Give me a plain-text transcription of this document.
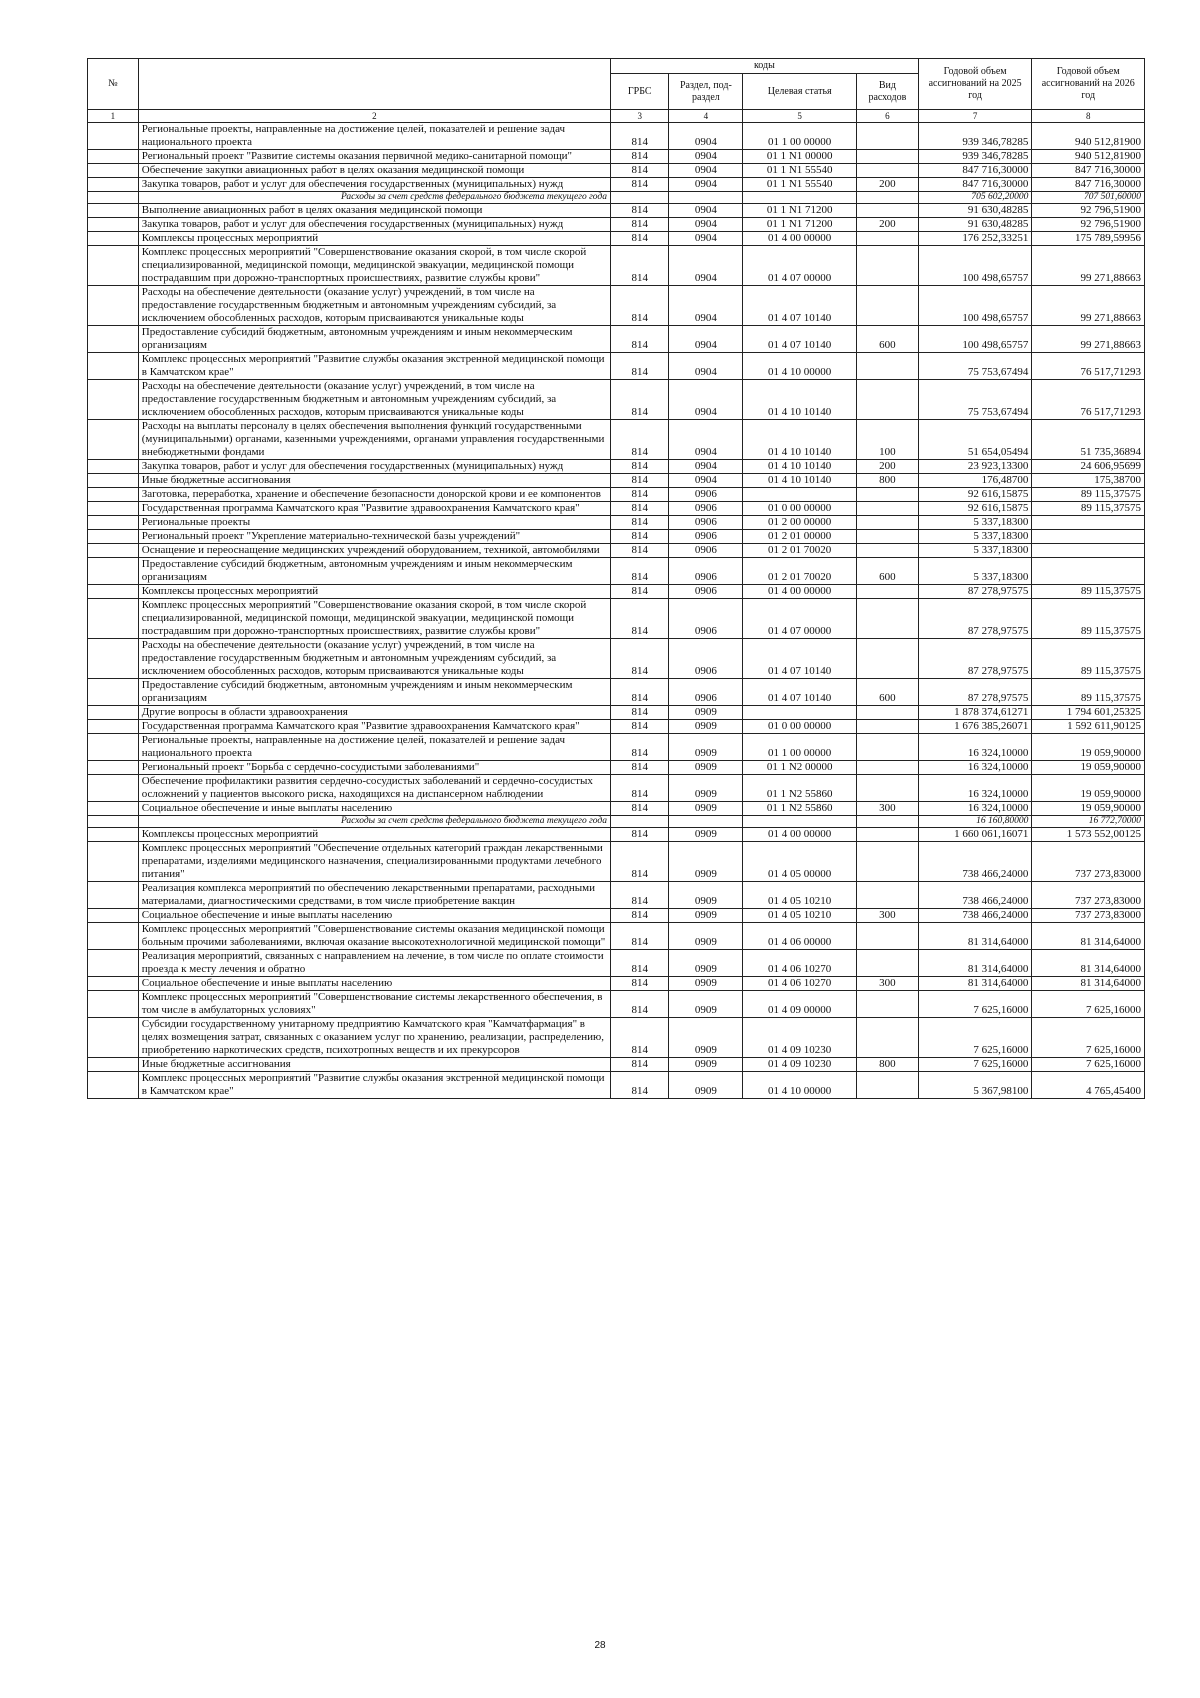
№		коды				Годовой объем ассигнований на 2025 год	Годовой объем ассигнований на 2026 год
		ГРБС	Раздел, под-раздел	Целевая статья	Вид расходов		
1	2	3	4	5	6	7	8
	Региональные проекты, направленные на достижение целей, показателей и решение задач национального проекта	814	0904	01 1 00 00000		939 346,78285	940 512,81900
	Региональный проект "Развитие системы оказания первичной медико-санитарной помощи"	814	0904	01 1 N1 00000		939 346,78285	940 512,81900
	Обеспечение закупки авиационных работ в целях оказания медицинской помощи	814	0904	01 1 N1 55540		847 716,30000	847 716,30000
	Закупка товаров, работ и услуг для обеспечения государственных (муниципальных) нужд	814	0904	01 1 N1 55540	200	847 716,30000	847 716,30000
	Расходы за счет средств федерального бюджета текущего года					705 602,20000	707 501,60000
	Выполнение авиационных работ в целях оказания медицинской помощи	814	0904	01 1 N1 71200		91 630,48285	92 796,51900
	Закупка товаров, работ и услуг для обеспечения государственных (муниципальных) нужд	814	0904	01 1 N1 71200	200	91 630,48285	92 796,51900
	Комплексы процессных мероприятий	814	0904	01 4 00 00000		176 252,33251	175 789,59956
	Комплекс процессных мероприятий "Совершенствование оказания скорой, в том числе скорой специализированной, медицинской помощи, медицинской эвакуации, медицинской помощи пострадавшим при дорожно-транспортных происшествиях, развитие службы крови"	814	0904	01 4 07 00000		100 498,65757	99 271,88663
	Расходы на обеспечение деятельности (оказание услуг) учреждений, в том числе на предоставление государственным бюджетным и автономным учреждениям субсидий, за исключением обособленных расходов, которым присваиваются уникальные коды	814	0904	01 4 07 10140		100 498,65757	99 271,88663
	Предоставление субсидий бюджетным, автономным учреждениям и иным некоммерческим организациям	814	0904	01 4 07 10140	600	100 498,65757	99 271,88663
	Комплекс процессных мероприятий "Развитие службы оказания экстренной медицинской помощи в Камчатском крае"	814	0904	01 4 10 00000		75 753,67494	76 517,71293
	Расходы на обеспечение деятельности (оказание услуг) учреждений, в том числе на предоставление государственным бюджетным и автономным учреждениям субсидий, за исключением обособленных расходов, которым присваиваются уникальные коды	814	0904	01 4 10 10140		75 753,67494	76 517,71293
	Расходы на выплаты персоналу в целях обеспечения выполнения функций государственными (муниципальными) органами, казенными учреждениями, органами управления государственными внебюджетными фондами	814	0904	01 4 10 10140	100	51 654,05494	51 735,36894
	Закупка товаров, работ и услуг для обеспечения государственных (муниципальных) нужд	814	0904	01 4 10 10140	200	23 923,13300	24 606,95699
	Иные бюджетные ассигнования	814	0904	01 4 10 10140	800	176,48700	175,38700
	Заготовка, переработка, хранение и обеспечение безопасности донорской крови и ее компонентов	814	0906			92 616,15875	89 115,37575
	Государственная программа Камчатского края "Развитие здравоохранения Камчатского края"	814	0906	01 0 00 00000		92 616,15875	89 115,37575
	Региональные проекты	814	0906	01 2 00 00000		5 337,18300	
	Региональный проект "Укрепление материально-технической базы учреждений"	814	0906	01 2 01 00000		5 337,18300	
	Оснащение и переоснащение медицинских учреждений оборудованием, техникой, автомобилями	814	0906	01 2 01 70020		5 337,18300	
	Предоставление субсидий бюджетным, автономным учреждениям и иным некоммерческим организациям	814	0906	01 2 01 70020	600	5 337,18300	
	Комплексы процессных мероприятий	814	0906	01 4 00 00000		87 278,97575	89 115,37575
	Комплекс процессных мероприятий "Совершенствование оказания скорой, в том числе скорой специализированной, медицинской помощи, медицинской эвакуации, медицинской помощи пострадавшим при дорожно-транспортных происшествиях, развитие службы крови"	814	0906	01 4 07 00000		87 278,97575	89 115,37575
	Расходы на обеспечение деятельности (оказание услуг) учреждений, в том числе на предоставление государственным бюджетным и автономным учреждениям субсидий, за исключением обособленных расходов, которым присваиваются уникальные коды	814	0906	01 4 07 10140		87 278,97575	89 115,37575
	Предоставление субсидий бюджетным, автономным учреждениям и иным некоммерческим организациям	814	0906	01 4 07 10140	600	87 278,97575	89 115,37575
	Другие вопросы в области здравоохранения	814	0909			1 878 374,61271	1 794 601,25325
	Государственная программа Камчатского края "Развитие здравоохранения Камчатского края"	814	0909	01 0 00 00000		1 676 385,26071	1 592 611,90125
	Региональные проекты, направленные на достижение целей, показателей и решение задач национального проекта	814	0909	01 1 00 00000		16 324,10000	19 059,90000
	Региональный проект "Борьба с сердечно-сосудистыми заболеваниями"	814	0909	01 1 N2 00000		16 324,10000	19 059,90000
	Обеспечение профилактики развития сердечно-сосудистых заболеваний и сердечно-сосудистых осложнений у пациентов высокого риска, находящихся на диспансерном наблюдении	814	0909	01 1 N2 55860		16 324,10000	19 059,90000
	Социальное обеспечение и иные выплаты населению	814	0909	01 1 N2 55860	300	16 324,10000	19 059,90000
	Расходы за счет средств федерального бюджета текущего года					16 160,80000	16 772,70000
	Комплексы процессных мероприятий	814	0909	01 4 00 00000		1 660 061,16071	1 573 552,00125
	Комплекс процессных мероприятий "Обеспечение отдельных категорий граждан лекарственными препаратами, изделиями медицинского назначения, специализированными продуктами лечебного питания"	814	0909	01 4 05 00000		738 466,24000	737 273,83000
	Реализация комплекса мероприятий по обеспечению лекарственными препаратами, расходными материалами, диагностическими средствами, в том числе приобретение вакцин	814	0909	01 4 05 10210		738 466,24000	737 273,83000
	Социальное обеспечение и иные выплаты населению	814	0909	01 4 05 10210	300	738 466,24000	737 273,83000
	Комплекс процессных мероприятий "Совершенствование системы оказания медицинской помощи больным прочими заболеваниями, включая оказание высокотехнологичной медицинской помощи"	814	0909	01 4 06 00000		81 314,64000	81 314,64000
	Реализация мероприятий, связанных с направлением на лечение, в том числе по оплате стоимости проезда к месту лечения и обратно	814	0909	01 4 06 10270		81 314,64000	81 314,64000
	Социальное обеспечение и иные выплаты населению	814	0909	01 4 06 10270	300	81 314,64000	81 314,64000
	Комплекс процессных мероприятий "Совершенствование системы лекарственного обеспечения, в том числе в амбулаторных условиях"	814	0909	01 4 09 00000		7 625,16000	7 625,16000
	Субсидии государственному унитарному предприятию Камчатского края "Камчатфармация" в целях возмещения затрат, связанных с оказанием услуг по хранению, реализации, распределению, приобретению наркотических средств, психотропных веществ и их прекурсоров	814	0909	01 4 09 10230		7 625,16000	7 625,16000
	Иные бюджетные ассигнования	814	0909	01 4 09 10230	800	7 625,16000	7 625,16000
	Комплекс процессных мероприятий "Развитие службы оказания экстренной медицинской помощи в Камчатском крае"	814	0909	01 4 10 00000		5 367,98100	4 765,45400
28
